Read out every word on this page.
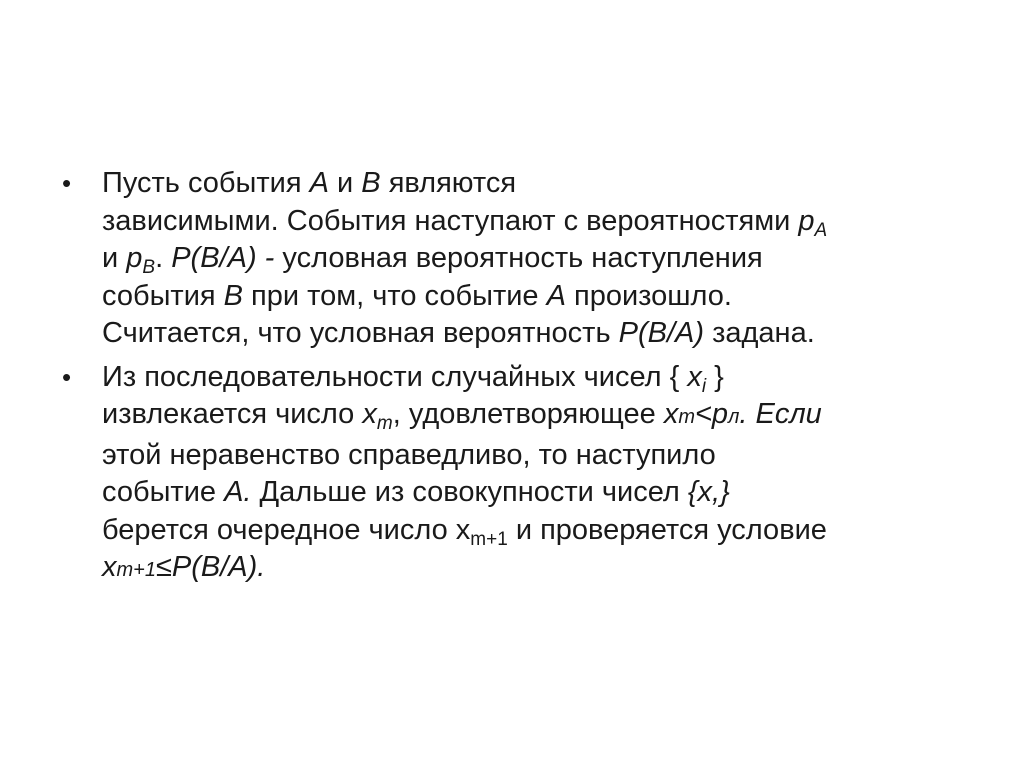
• Пусть события A и B являются
зависимыми. События наступают с вероятностями $p_A$
и $p_B$. P(B/A) - условная вероятность наступления
события B при том, что событие A произошло.
Считается, что условная вероятность P(B/A) задана.
• Из последовательности случайных чисел { $x_i$ }
извлекается число $x_m$, удовлетворяющее xm<pл. Если
этой неравенство справедливо, то наступило
событие A. Дальше из совокупности чисел {x,}
берется очередное число $x_{m+1}$ и проверяется условие
xm+1≤P(B/A).
